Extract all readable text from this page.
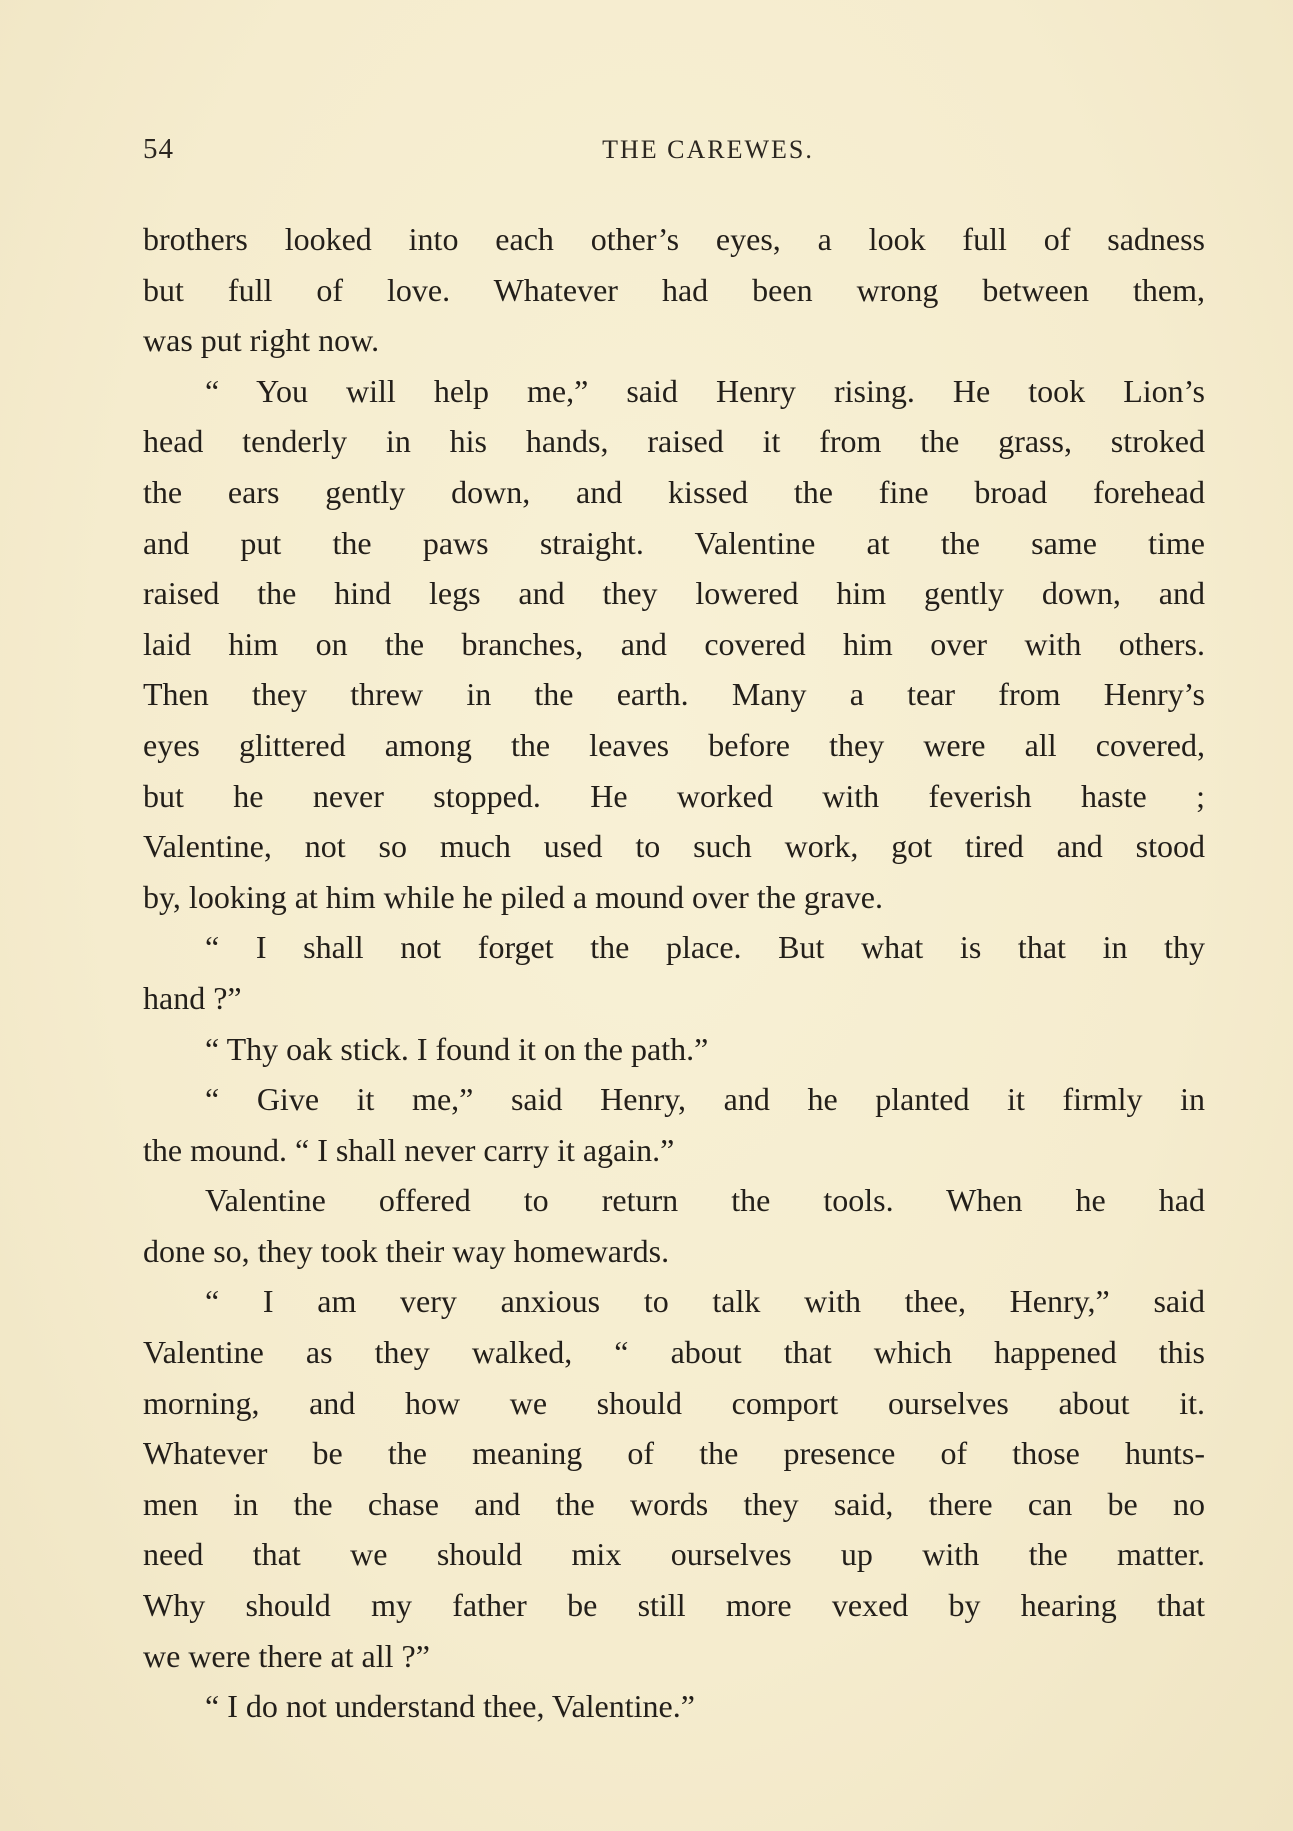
54	THE CAREWES.
brothers looked into each other’s eyes, a look full of sadness
but full of love. Whatever had been wrong between them,
was put right now.
“ You will help me,” said Henry rising. He took Lion’s
head tenderly in his hands, raised it from the grass, stroked
the ears gently down, and kissed the fine broad forehead
and put the paws straight. Valentine at the same time
raised the hind legs and they lowered him gently down, and
laid him on the branches, and covered him over with others.
Then they threw in the earth. Many a tear from Henry’s
eyes glittered among the leaves before they were all covered,
but he never stopped. He worked with feverish haste ;
Valentine, not so much used to such work, got tired and stood
by, looking at him while he piled a mound over the grave.
“ I shall not forget the place. But what is that in thy
hand ?”
“ Thy oak stick. I found it on the path.”
“ Give it me,” said Henry, and he planted it firmly in
the mound. “ I shall never carry it again.”
Valentine offered to return the tools. When he had
done so, they took their way homewards.
“ I am very anxious to talk with thee, Henry,” said
Valentine as they walked, “ about that which happened this
morning, and how we should comport ourselves about it.
Whatever be the meaning of the presence of those hunts-
men in the chase and the words they said, there can be no
need that we should mix ourselves up with the matter.
Why should my father be still more vexed by hearing that
we were there at all ?”
“ I do not understand thee, Valentine.”
